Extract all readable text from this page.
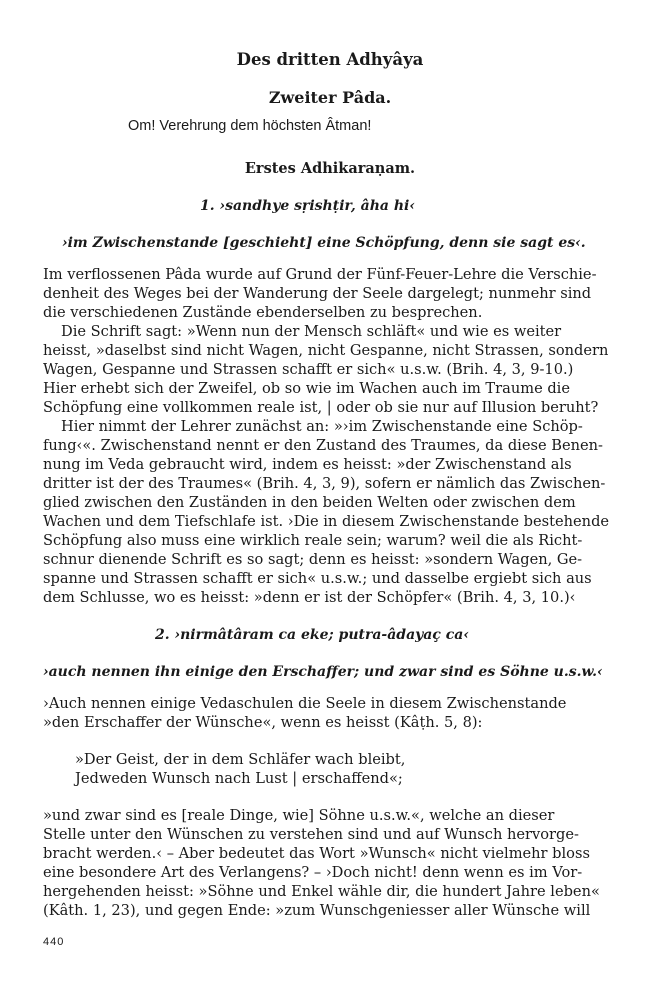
Des dritten Adhyâya
Zweiter Pâda.
Om! Verehrung dem höchsten Âtman!
Erstes Adhikaraṇam.
1. ›sandhye sṛishṭir, âha hi‹
›im Zwischenstande [geschieht] eine Schöpfung, denn sie sagt es‹.
Im verflossenen Pâda wurde auf Grund der Fünf-Feuer-Lehre die Verschie-
denheit des Weges bei der Wanderung der Seele dargelegt; nunmehr sind
die verschiedenen Zustände ebenderselben zu besprechen.
Die Schrift sagt: »Wenn nun der Mensch schläft« und wie es weiter
heisst, »daselbst sind nicht Wagen, nicht Gespanne, nicht Strassen, sondern
Wagen, Gespanne und Strassen schafft er sich« u.s.w. (Brih. 4, 3, 9-10.)
Hier erhebt sich der Zweifel, ob so wie im Wachen auch im Traume die
Schöpfung eine vollkommen reale ist, | oder ob sie nur auf Illusion beruht?
Hier nimmt der Lehrer zunächst an: »›im Zwischenstande eine Schöp-
fung‹«. Zwischenstand nennt er den Zustand des Traumes, da diese Benen-
nung im Veda gebraucht wird, indem es heisst: »der Zwischenstand als
dritter ist der des Traumes« (Brih. 4, 3, 9), sofern er nämlich das Zwischen-
glied zwischen den Zuständen in den beiden Welten oder zwischen dem
Wachen und dem Tiefschlafe ist. ›Die in diesem Zwischenstande bestehende
Schöpfung also muss eine wirklich reale sein; warum? weil die als Richt-
schnur dienende Schrift es so sagt; denn es heisst: »sondern Wagen, Ge-
spanne und Strassen schafft er sich« u.s.w.; und dasselbe ergiebt sich aus
dem Schlusse, wo es heisst: »denn er ist der Schöpfer« (Brih. 4, 3, 10.)‹
2. ›nirmâtâram ca eke; putra-âdayaç ca‹
›auch nennen ihn einige den Erschaffer; und zwar sind es Söhne u.s.w.‹
›Auch nennen einige Vedaschulen die Seele in diesem Zwischenstande
»den Erschaffer der Wünsche«, wenn es heisst (Kâṭh. 5, 8):
»Der Geist, der in dem Schläfer wach bleibt,
Jedweden Wunsch nach Lust | erschaffend«;
»und zwar sind es [reale Dinge, wie] Söhne u.s.w.«, welche an dieser
Stelle unter den Wünschen zu verstehen sind und auf Wunsch hervorge-
bracht werden.‹ – Aber bedeutet das Wort »Wunsch« nicht vielmehr bloss
eine besondere Art des Verlangens? – ›Doch nicht! denn wenn es im Vor-
hergehenden heisst: »Söhne und Enkel wähle dir, die hundert Jahre leben«
(Kâth. 1, 23), und gegen Ende: »zum Wunschgeniesser aller Wünsche will
440
